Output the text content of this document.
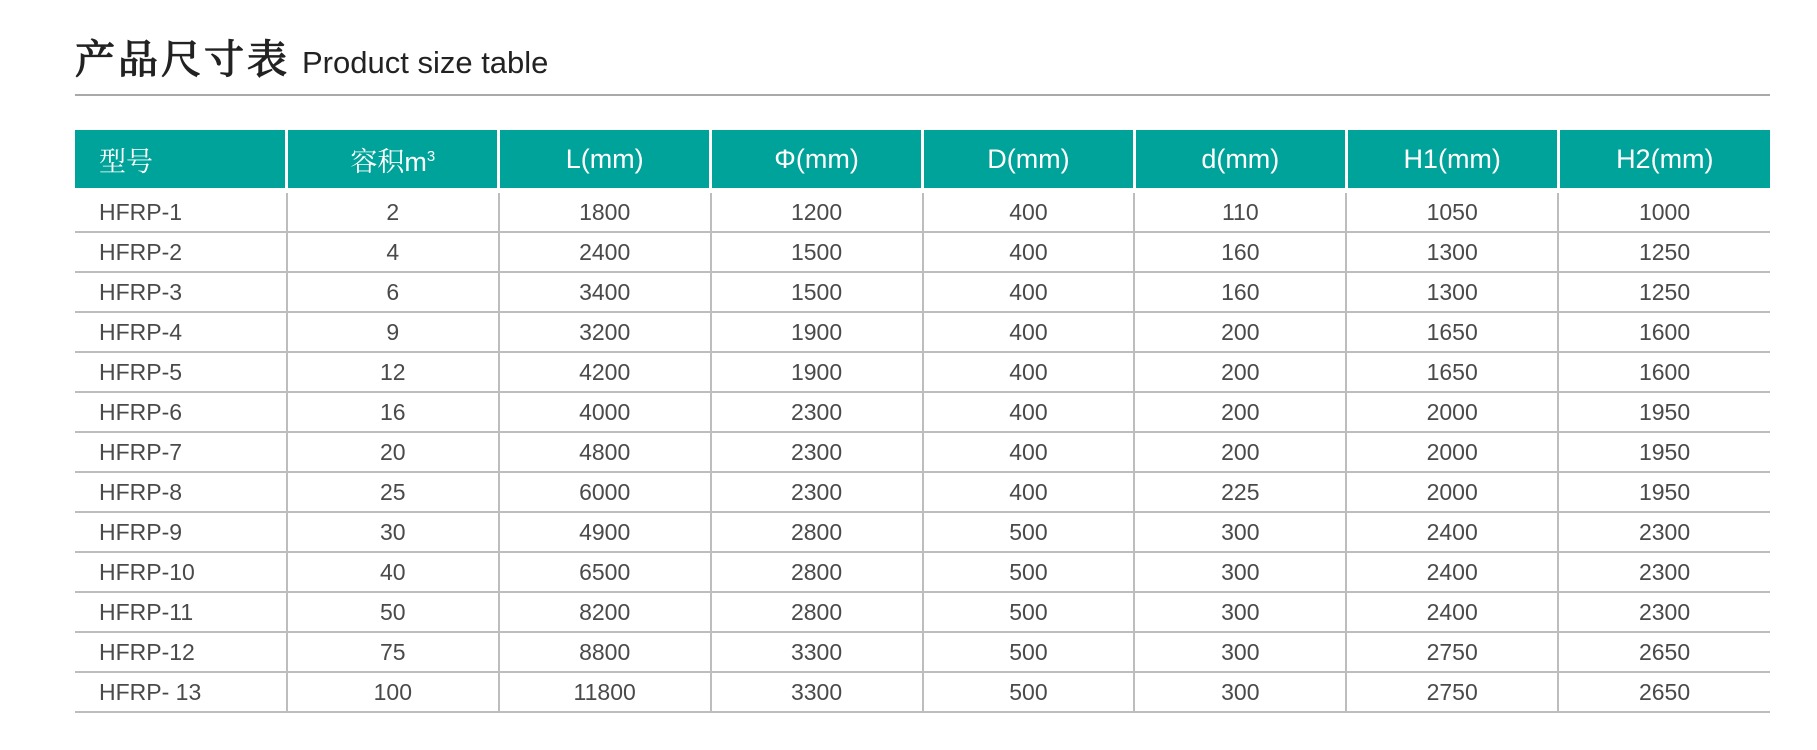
产品尺寸表 Product size table
型号	容积$m^3$	L(mm)	Φ(mm)	D(mm)	d(mm)	H1(mm)	H2(mm)
HFRP-1	2	1800	1200	400	110	1050	1000
HFRP-2	4	2400	1500	400	160	1300	1250
HFRP-3	6	3400	1500	400	160	1300	1250
HFRP-4	9	3200	1900	400	200	1650	1600
HFRP-5	12	4200	1900	400	200	1650	1600
HFRP-6	16	4000	2300	400	200	2000	1950
HFRP-7	20	4800	2300	400	200	2000	1950
HFRP-8	25	6000	2300	400	225	2000	1950
HFRP-9	30	4900	2800	500	300	2400	2300
HFRP-10	40	6500	2800	500	300	2400	2300
HFRP-11	50	8200	2800	500	300	2400	2300
HFRP-12	75	8800	3300	500	300	2750	2650
HFRP- 13	100	11800	3300	500	300	2750	2650
